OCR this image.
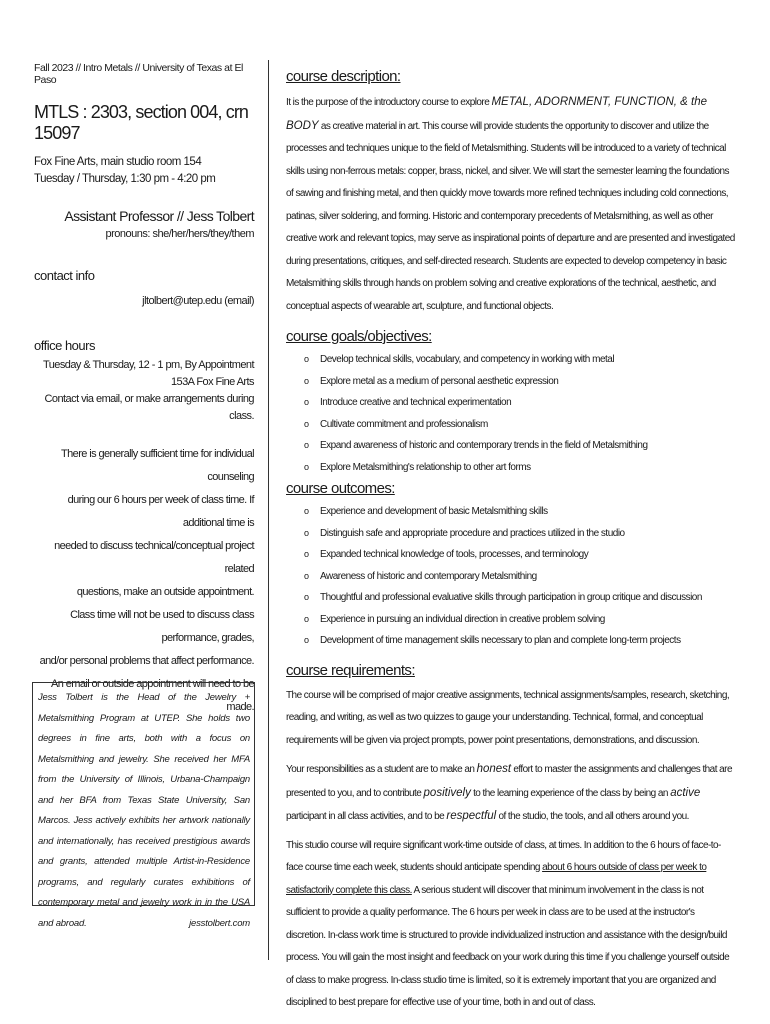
Fall 2023 // Intro Metals // University of Texas at El Paso
MTLS : 2303, section 004, crn 15097
Fox Fine Arts, main studio room 154
Tuesday / Thursday, 1:30 pm - 4:20 pm
Assistant Professor // Jess Tolbert
pronouns: she/her/hers/they/them
contact info
jltolbert@utep.edu (email)
office hours
Tuesday & Thursday, 12 - 1 pm, By Appointment
153A Fox Fine Arts
Contact via email, or make arrangements during class.
There is generally sufficient time for individual counseling
during our 6 hours per week of class time. If additional time is
needed to discuss technical/conceptual project related
questions, make an outside appointment.
Class time will not be used to discuss class performance, grades,
and/or personal problems that affect performance.
An email or outside appointment will need to be made.
Jess Tolbert is the Head of the Jewelry + Metalsmithing Program at UTEP. She holds two degrees in fine arts, both with a focus on Metalsmithing and jewelry. She received her MFA from the University of Illinois, Urbana-Champaign and her BFA from Texas State University, San Marcos. Jess actively exhibits her artwork nationally and internationally, has received prestigious awards and grants, attended multiple Artist-in-Residence programs, and regularly curates exhibitions of contemporary metal and jewelry work in in the USA and abroad.	jesstolbert.com
course description:

It is the purpose of the introductory course to explore METAL, ADORNMENT, FUNCTION, & the BODY as creative material in art. This course will provide students the opportunity to discover and utilize the processes and techniques unique to the field of Metalsmithing. Students will be introduced to a variety of technical skills using non-ferrous metals: copper, brass, nickel, and silver. We will start the semester learning the foundations of sawing and finishing metal, and then quickly move towards more refined techniques including cold connections, patinas, silver soldering, and forming. Historic and contemporary precedents of Metalsmithing, as well as other creative work and relevant topics, may serve as inspirational points of departure and are presented and investigated during presentations, critiques, and self-directed research. Students are expected to develop competency in basic Metalsmithing skills through hands on problem solving and creative explorations of the technical, aesthetic, and conceptual aspects of wearable art, sculpture, and functional objects.

course goals/objectives:
o Develop technical skills, vocabulary, and competency in working with metal
o Explore metal as a medium of personal aesthetic expression
o Introduce creative and technical experimentation
o Cultivate commitment and professionalism
o Expand awareness of historic and contemporary trends in the field of Metalsmithing
o Explore Metalsmithing's relationship to other art forms
course outcomes:
o Experience and development of basic Metalsmithing skills
o Distinguish safe and appropriate procedure and practices utilized in the studio
o Expanded technical knowledge of tools, processes, and terminology
o Awareness of historic and contemporary Metalsmithing
o Thoughtful and professional evaluative skills through participation in group critique and discussion
o Experience in pursuing an individual direction in creative problem solving
o Development of time management skills necessary to plan and complete long-term projects
course requirements:

The course will be comprised of major creative assignments, technical assignments/samples, research, sketching, reading, and writing, as well as two quizzes to gauge your understanding. Technical, formal, and conceptual requirements will be given via project prompts, power point presentations, demonstrations, and discussion.

Your responsibilities as a student are to make an honest effort to master the assignments and challenges that are presented to you, and to contribute positively to the learning experience of the class by being an active participant in all class activities, and to be respectful of the studio, the tools, and all others around you.

This studio course will require significant work-time outside of class, at times. In addition to the 6 hours of face-to-face course time each week, students should anticipate spending about 6 hours outside of class per week to satisfactorily complete this class. A serious student will discover that minimum involvement in the class is not sufficient to provide a quality performance. The 6 hours per week in class are to be used at the instructor's discretion. In-class work time is structured to provide individualized instruction and assistance with the design/build process. You will gain the most insight and feedback on your work during this time if you challenge yourself outside of class to make progress. In-class studio time is limited, so it is extremely important that you are organized and disciplined to best prepare for effective use of your time, both in and out of class.
